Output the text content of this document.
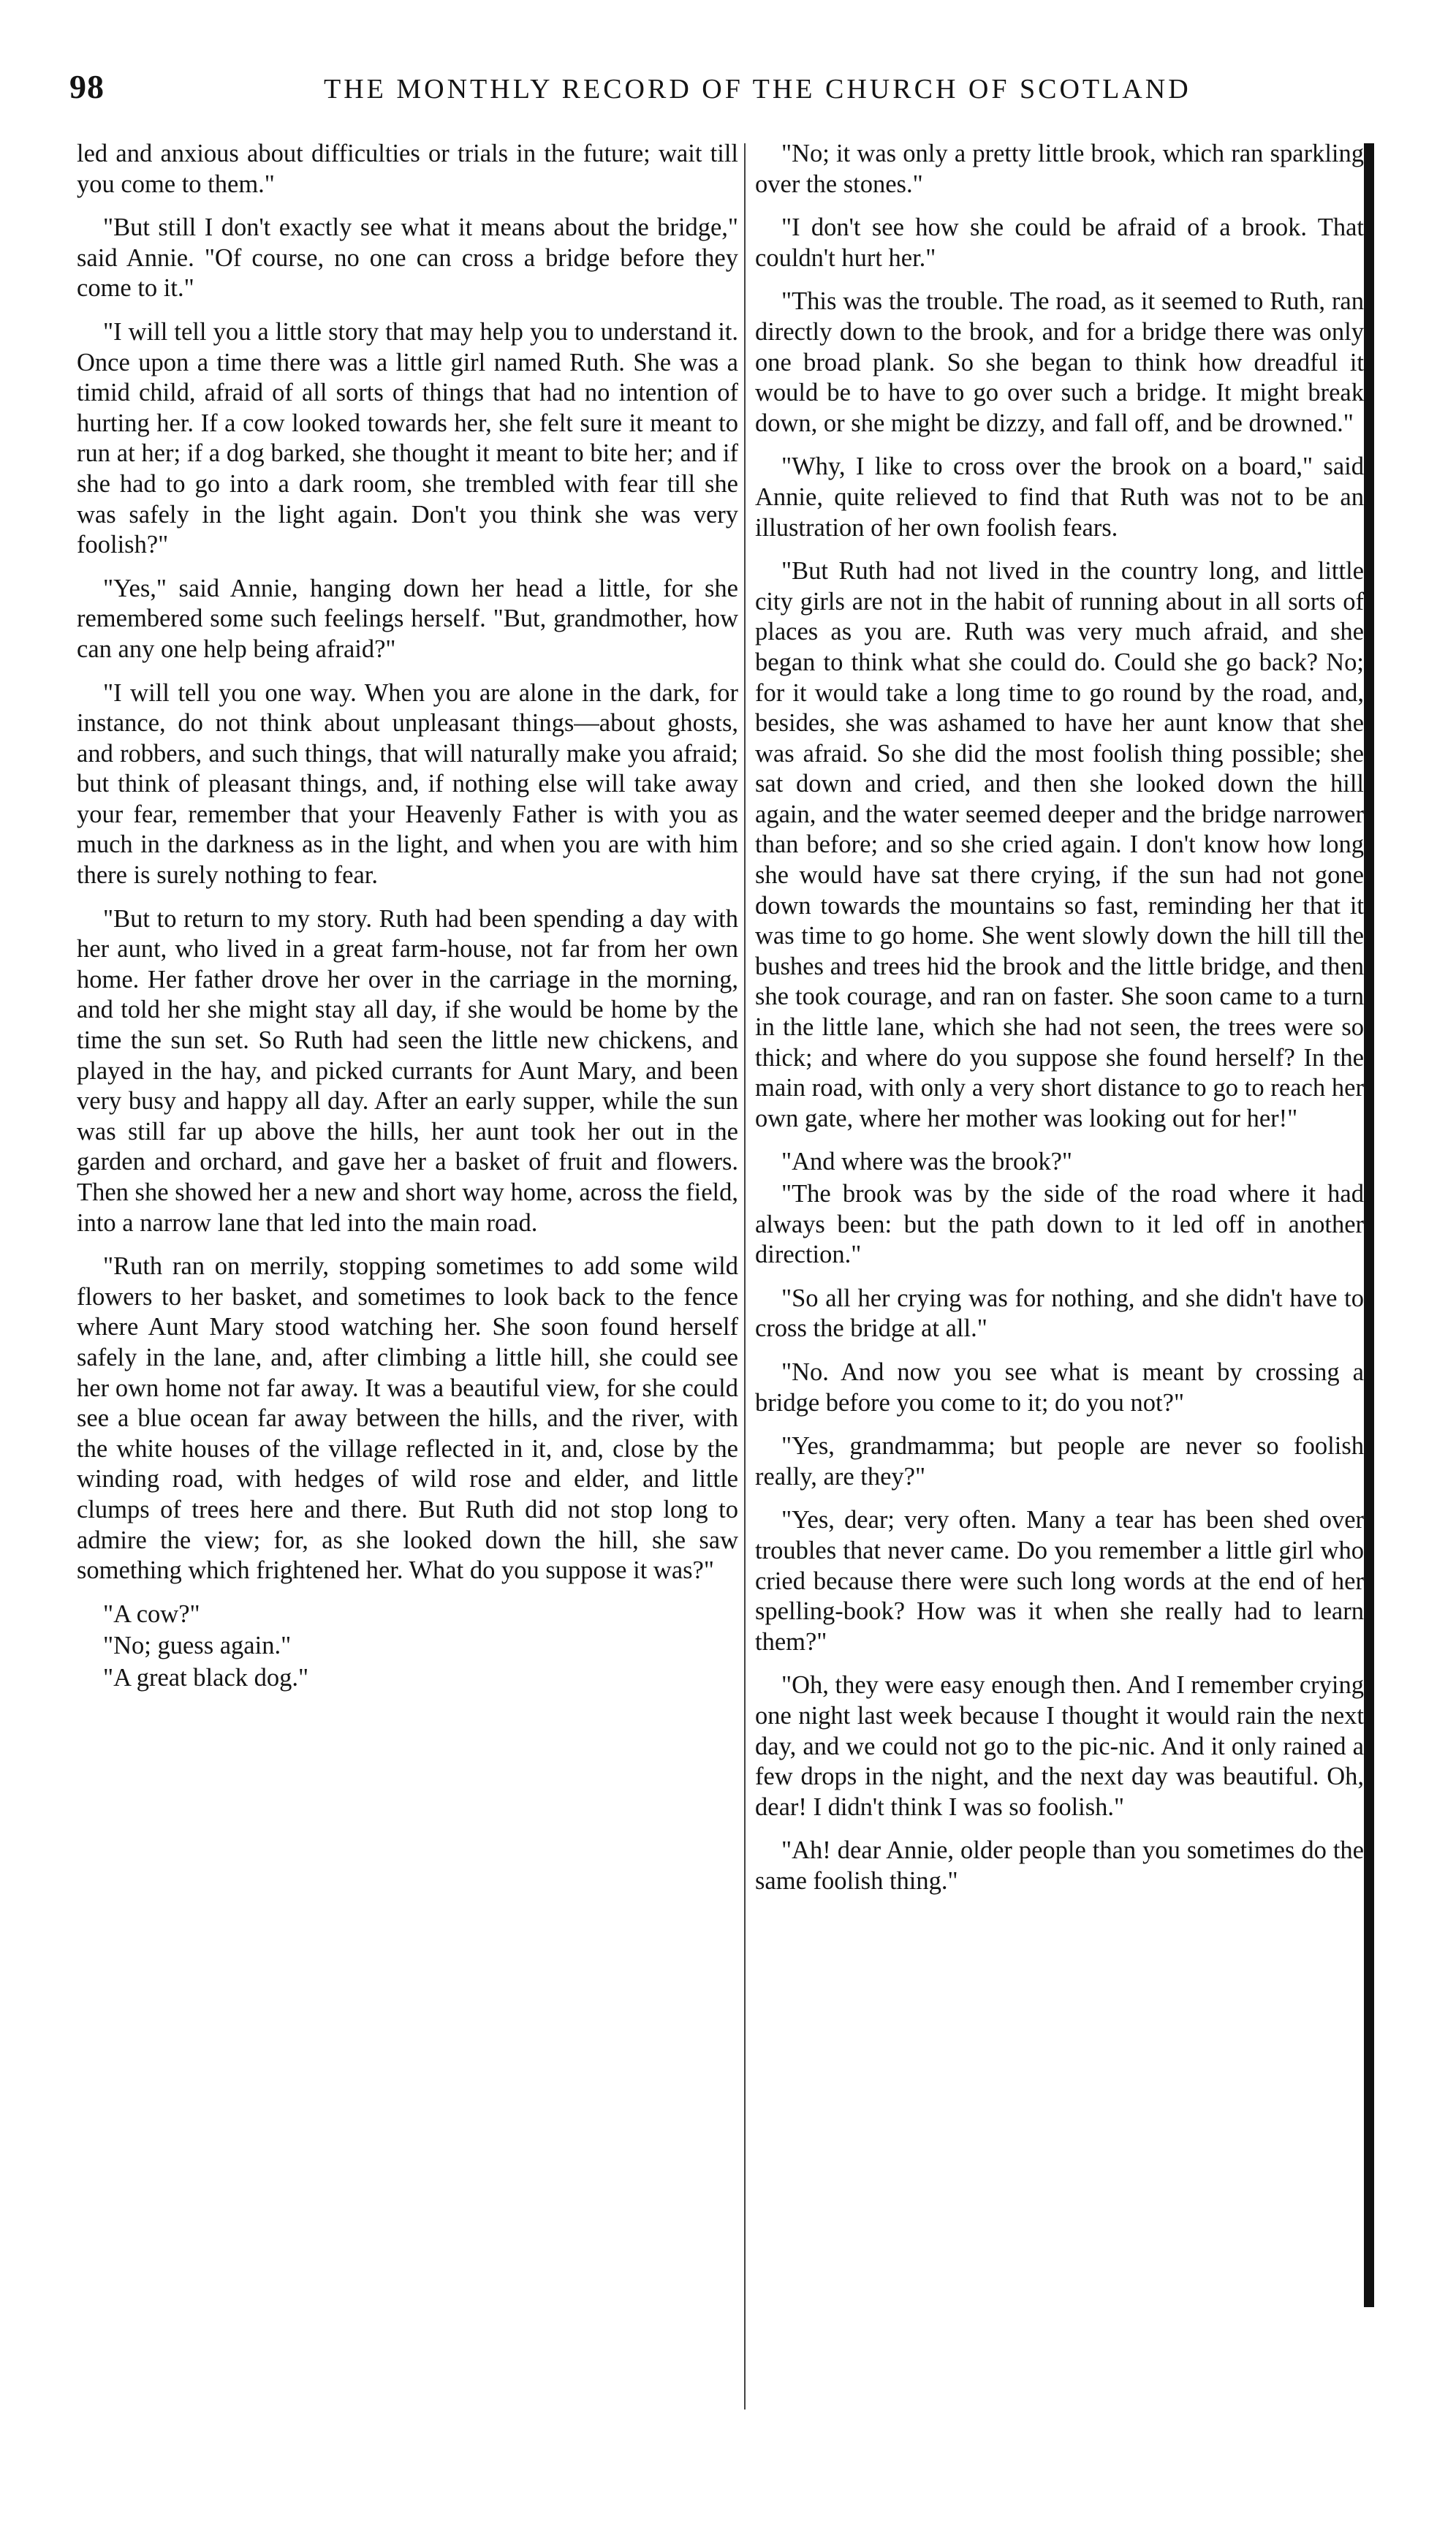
98	THE MONTHLY RECORD OF THE CHURCH OF SCOTLAND

led and anxious about difficulties or trials in the future; wait till you come to them."

"But still I don't exactly see what it means about the bridge," said Annie. "Of course, no one can cross a bridge before they come to it."

"I will tell you a little story that may help you to understand it. Once upon a time there was a little girl named Ruth. She was a timid child, afraid of all sorts of things that had no intention of hurting her. If a cow looked towards her, she felt sure it meant to run at her; if a dog barked, she thought it meant to bite her; and if she had to go into a dark room, she trembled with fear till she was safely in the light again. Don't you think she was very foolish?"

"Yes," said Annie, hanging down her head a little, for she remembered some such feelings herself. "But, grandmother, how can any one help being afraid?"

"I will tell you one way. When you are alone in the dark, for instance, do not think about unpleasant things—about ghosts, and robbers, and such things, that will naturally make you afraid; but think of pleasant things, and, if nothing else will take away your fear, remember that your Heavenly Father is with you as much in the darkness as in the light, and when you are with him there is surely nothing to fear.

"But to return to my story. Ruth had been spending a day with her aunt, who lived in a great farm-house, not far from her own home. Her father drove her over in the carriage in the morning, and told her she might stay all day, if she would be home by the time the sun set. So Ruth had seen the little new chickens, and played in the hay, and picked currants for Aunt Mary, and been very busy and happy all day. After an early supper, while the sun was still far up above the hills, her aunt took her out in the garden and orchard, and gave her a basket of fruit and flowers. Then she showed her a new and short way home, across the field, into a narrow lane that led into the main road.

"Ruth ran on merrily, stopping sometimes to add some wild flowers to her basket, and sometimes to look back to the fence where Aunt Mary stood watching her. She soon found herself safely in the lane, and, after climbing a little hill, she could see her own home not far away. It was a beautiful view, for she could see a blue ocean far away between the hills, and the river, with the white houses of the village reflected in it, and, close by the winding road, with hedges of wild rose and elder, and little clumps of trees here and there. But Ruth did not stop long to admire the view; for, as she looked down the hill, she saw something which frightened her. What do you suppose it was?"

"A cow?"

"No; guess again."

"A great black dog."

"No; it was only a pretty little brook, which ran sparkling over the stones."

"I don't see how she could be afraid of a brook. That couldn't hurt her."

"This was the trouble. The road, as it seemed to Ruth, ran directly down to the brook, and for a bridge there was only one broad plank. So she began to think how dreadful it would be to have to go over such a bridge. It might break down, or she might be dizzy, and fall off, and be drowned."

"Why, I like to cross over the brook on a board," said Annie, quite relieved to find that Ruth was not to be an illustration of her own foolish fears.

"But Ruth had not lived in the country long, and little city girls are not in the habit of running about in all sorts of places as you are. Ruth was very much afraid, and she began to think what she could do. Could she go back? No; for it would take a long time to go round by the road, and, besides, she was ashamed to have her aunt know that she was afraid. So she did the most foolish thing possible; she sat down and cried, and then she looked down the hill again, and the water seemed deeper and the bridge narrower than before; and so she cried again. I don't know how long she would have sat there crying, if the sun had not gone down towards the mountains so fast, reminding her that it was time to go home. She went slowly down the hill till the bushes and trees hid the brook and the little bridge, and then she took courage, and ran on faster. She soon came to a turn in the little lane, which she had not seen, the trees were so thick; and where do you suppose she found herself? In the main road, with only a very short distance to go to reach her own gate, where her mother was looking out for her!"

"And where was the brook?"

"The brook was by the side of the road where it had always been: but the path down to it led off in another direction."

"So all her crying was for nothing, and she didn't have to cross the bridge at all."

"No. And now you see what is meant by crossing a bridge before you come to it; do you not?"

"Yes, grandmamma; but people are never so foolish really, are they?"

"Yes, dear; very often. Many a tear has been shed over troubles that never came. Do you remember a little girl who cried because there were such long words at the end of her spelling-book? How was it when she really had to learn them?"

"Oh, they were easy enough then. And I remember crying one night last week because I thought it would rain the next day, and we could not go to the pic-nic. And it only rained a few drops in the night, and the next day was beautiful. Oh, dear! I didn't think I was so foolish."

"Ah! dear Annie, older people than you sometimes do the same foolish thing."
